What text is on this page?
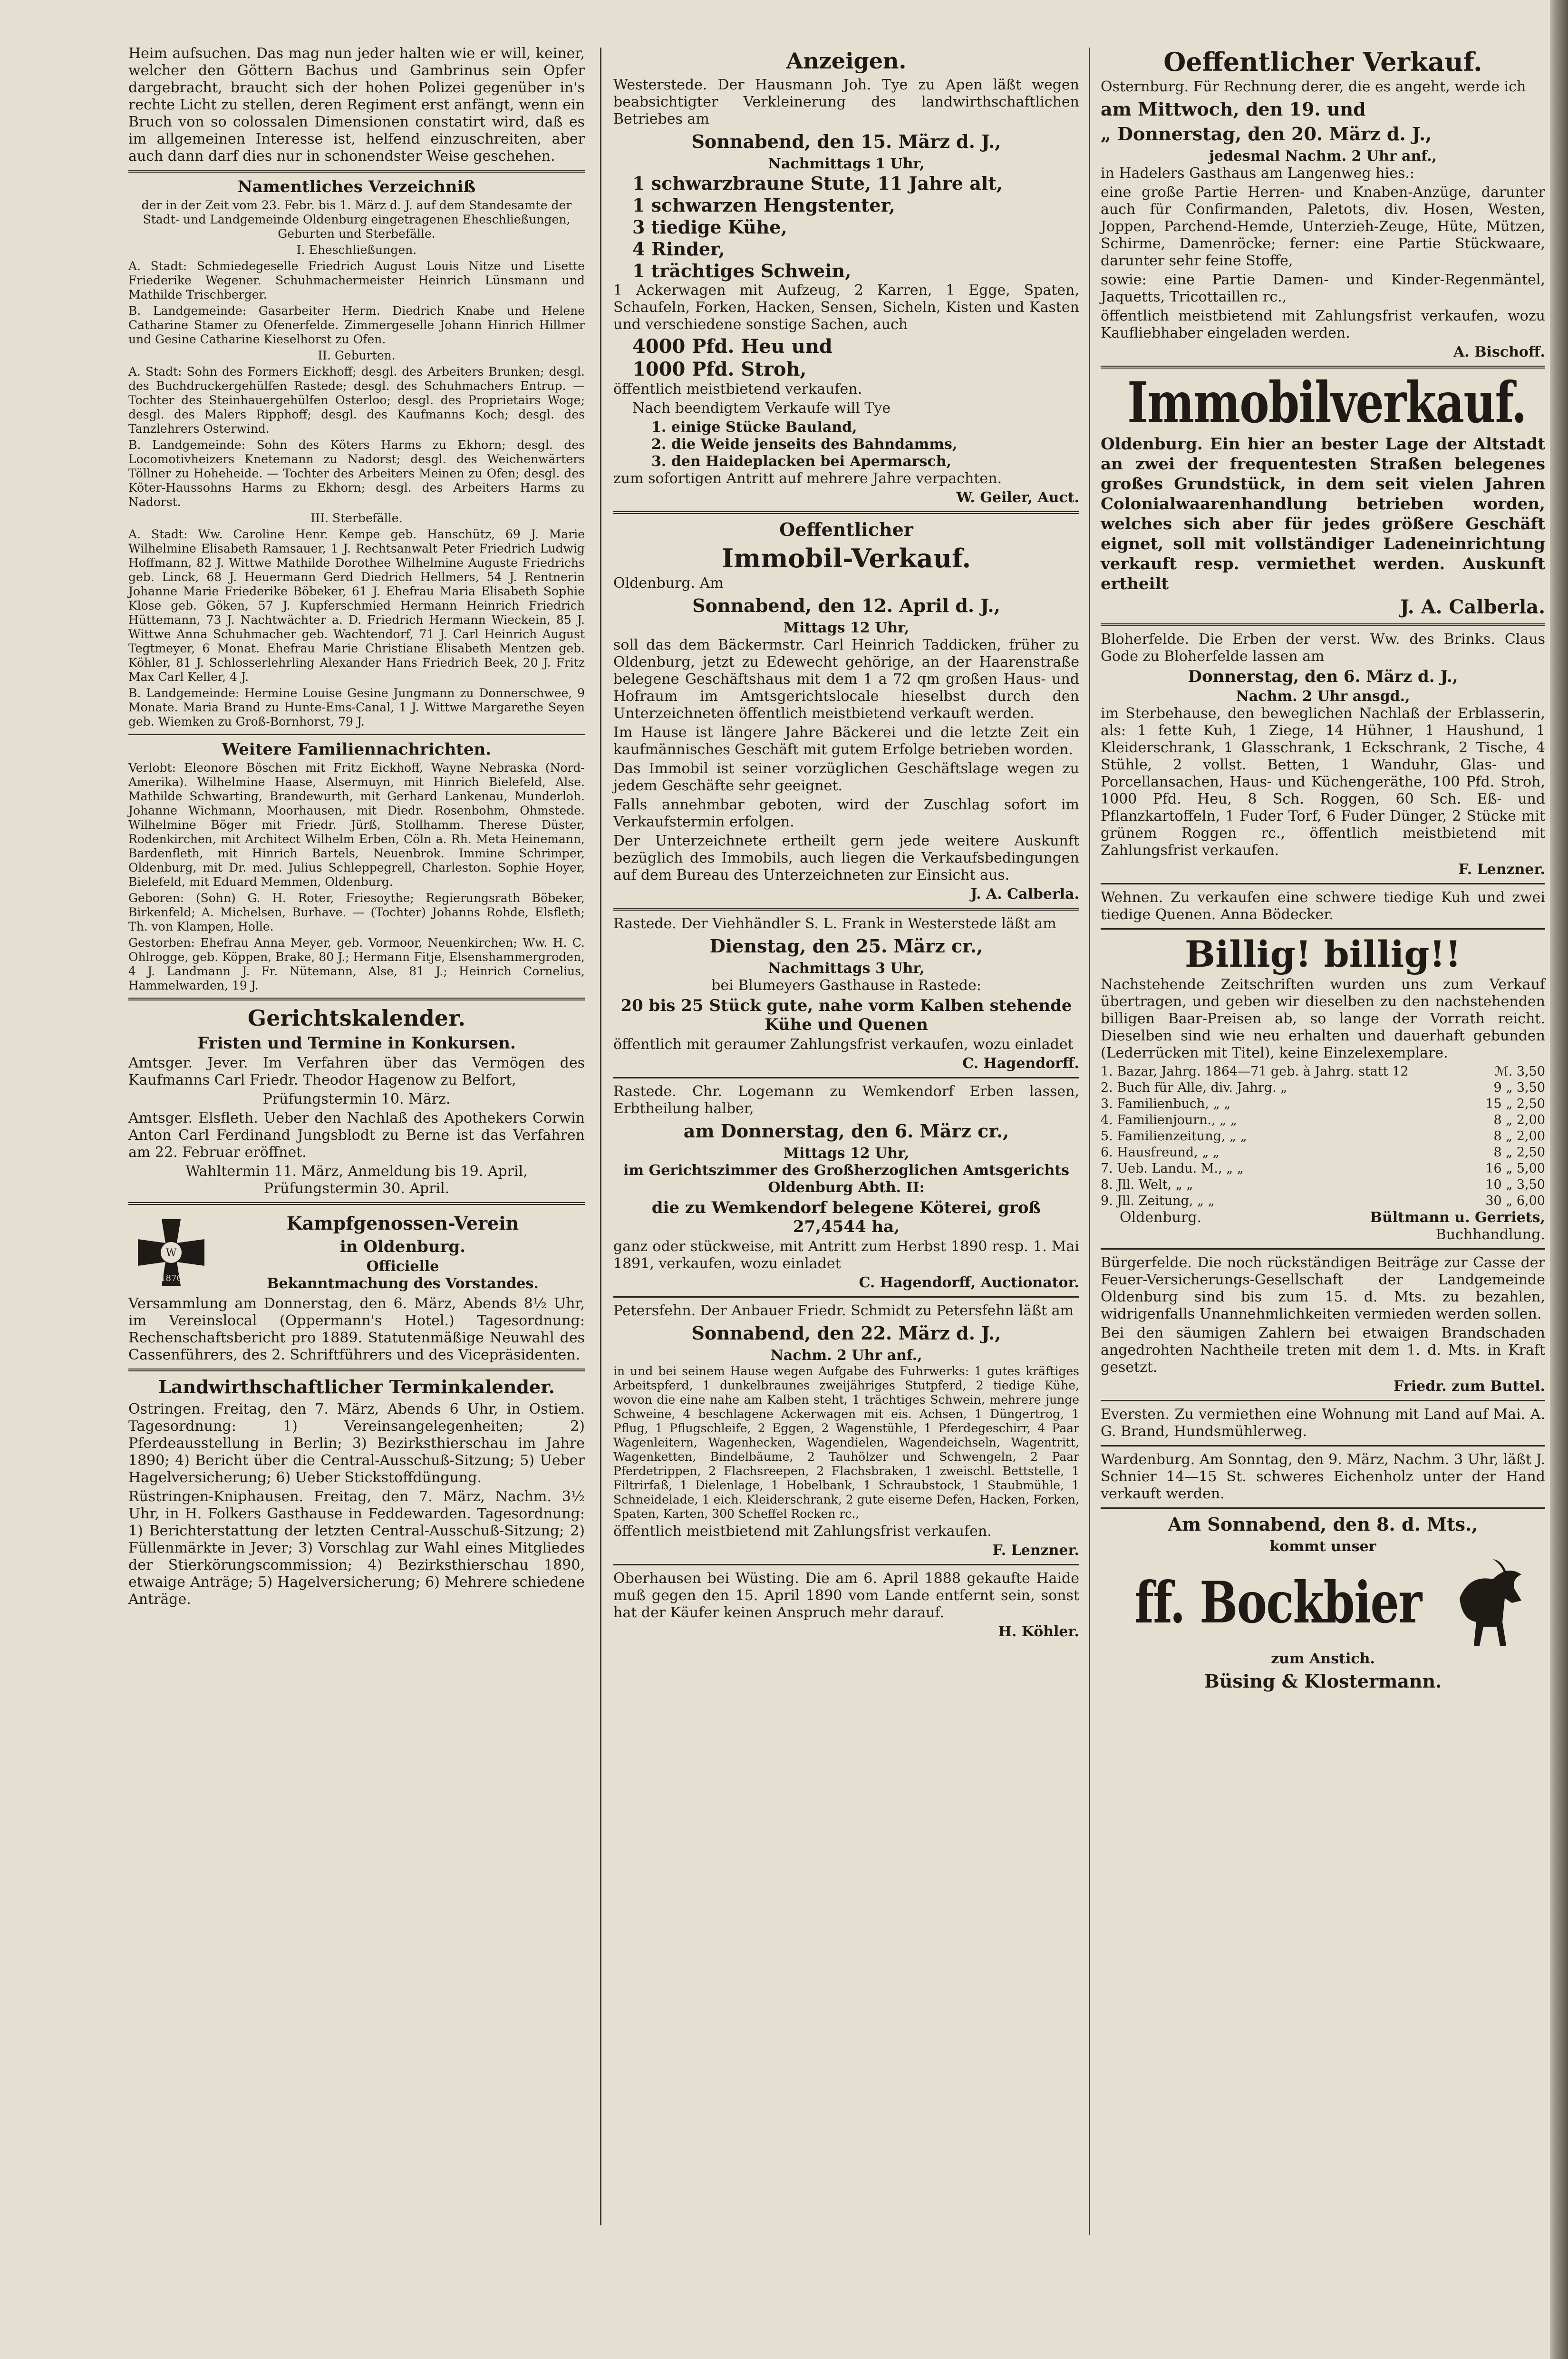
Heim aufsuchen. Das mag nun jeder halten wie er will, keiner, welcher den Göttern Bachus und Gambrinus sein Opfer dargebracht, braucht sich der hohen Polizei gegenüber in's rechte Licht zu stellen, deren Regiment erst anfängt, wenn ein Bruch von so colossalen Dimensionen constatirt wird, daß es im allgemeinen Interesse ist, helfend einzuschreiten, aber auch dann darf dies nur in schonendster Weise geschehen.

Namentliches Verzeichniß

der in der Zeit vom 23. Febr. bis 1. März d. J. auf dem Standesamte der Stadt- und Landgemeinde Oldenburg eingetragenen Eheschließungen, Geburten und Sterbefälle.

I. Eheschließungen.

A. Stadt: Schmiedegeselle Friedrich August Louis Nitze und Lisette Friederike Wegener. Schuhmachermeister Heinrich Lünsmann und Mathilde Trischberger.

B. Landgemeinde: Gasarbeiter Herm. Diedrich Knabe und Helene Catharine Stamer zu Ofenerfelde. Zimmergeselle Johann Hinrich Hillmer und Gesine Catharine Kieselhorst zu Ofen.

II. Geburten.

A. Stadt: Sohn des Formers Eickhoff; desgl. des Arbeiters Brunken; desgl. des Buchdruckergehülfen Rastede; desgl. des Schuhmachers Entrup. — Tochter des Steinhauergehülfen Osterloo; desgl. des Proprietairs Woge; desgl. des Malers Ripphoff; desgl. des Kaufmanns Koch; desgl. des Tanzlehrers Osterwind.

B. Landgemeinde: Sohn des Köters Harms zu Ekhorn; desgl. des Locomotivheizers Knetemann zu Nadorst; desgl. des Weichenwärters Töllner zu Hoheheide. — Tochter des Arbeiters Meinen zu Ofen; desgl. des Köter-Haussohns Harms zu Ekhorn; desgl. des Arbeiters Harms zu Nadorst.

III. Sterbefälle.

A. Stadt: Ww. Caroline Henr. Kempe geb. Hanschütz, 69 J. Marie Wilhelmine Elisabeth Ramsauer, 1 J. Rechtsanwalt Peter Friedrich Ludwig Hoffmann, 82 J. Wittwe Mathilde Dorothee Wilhelmine Auguste Friedrichs geb. Linck, 68 J. Heuermann Gerd Diedrich Hellmers, 54 J. Rentnerin Johanne Marie Friederike Böbeker, 61 J. Ehefrau Maria Elisabeth Sophie Klose geb. Göken, 57 J. Kupferschmied Hermann Heinrich Friedrich Hüttemann, 73 J. Nachtwächter a. D. Friedrich Hermann Wieckein, 85 J. Wittwe Anna Schuhmacher geb. Wachtendorf, 71 J. Carl Heinrich August Tegtmeyer, 6 Monat. Ehefrau Marie Christiane Elisabeth Mentzen geb. Köhler, 81 J. Schlosserlehrling Alexander Hans Friedrich Beek, 20 J. Fritz Max Carl Keller, 4 J.

B. Landgemeinde: Hermine Louise Gesine Jungmann zu Donnerschwee, 9 Monate. Maria Brand zu Hunte-Ems-Canal, 1 J. Wittwe Margarethe Seyen geb. Wiemken zu Groß-Bornhorst, 79 J.

Weitere Familiennachrichten.

Verlobt: Eleonore Böschen mit Fritz Eickhoff, Wayne Nebraska (Nord-Amerika). Wilhelmine Haase, Alsermuyn, mit Hinrich Bielefeld, Alse. Mathilde Schwarting, Brandewurth, mit Gerhard Lankenau, Munderloh. Johanne Wichmann, Moorhausen, mit Diedr. Rosenbohm, Ohmstede. Wilhelmine Böger mit Friedr. Jürß, Stollhamm. Therese Düster, Rodenkirchen, mit Architect Wilhelm Erben, Cöln a. Rh. Meta Heinemann, Bardenfleth, mit Hinrich Bartels, Neuenbrok. Immine Schrimper, Oldenburg, mit Dr. med. Julius Schleppegrell, Charleston. Sophie Hoyer, Bielefeld, mit Eduard Memmen, Oldenburg.

Geboren: (Sohn) G. H. Roter, Friesoythe; Regierungsrath Böbeker, Birkenfeld; A. Michelsen, Burhave. — (Tochter) Johanns Rohde, Elsfleth; Th. von Klampen, Holle.

Gestorben: Ehefrau Anna Meyer, geb. Vormoor, Neuenkirchen; Ww. H. C. Ohlrogge, geb. Köppen, Brake, 80 J.; Hermann Fitje, Elsenshammergroden, 4 J. Landmann J. Fr. Nütemann, Alse, 81 J.; Heinrich Cornelius, Hammelwarden, 19 J.

Gerichtskalender.
Fristen und Termine in Konkursen.

Amtsger. Jever. Im Verfahren über das Vermögen des Kaufmanns Carl Friedr. Theodor Hagenow zu Belfort,

Prüfungstermin 10. März.

Amtsger. Elsfleth. Ueber den Nachlaß des Apothekers Corwin Anton Carl Ferdinand Jungsblodt zu Berne ist das Verfahren am 22. Februar eröffnet.

Wahltermin 11. März, Anmeldung bis 19. April, Prüfungstermin 30. April.

W
1870
Kampfgenossen-Verein
in Oldenburg.
Officielle
Bekanntmachung des Vorstandes.

Versammlung am Donnerstag, den 6. März, Abends 8½ Uhr, im Vereinslocal (Oppermann's Hotel.) Tagesordnung: Rechenschaftsbericht pro 1889. Statutenmäßige Neuwahl des Cassenführers, des 2. Schriftführers und des Vicepräsidenten.

Landwirthschaftlicher Terminkalender.

Ostringen. Freitag, den 7. März, Abends 6 Uhr, in Ostiem. Tagesordnung: 1) Vereinsangelegenheiten; 2) Pferdeausstellung in Berlin; 3) Bezirksthierschau im Jahre 1890; 4) Bericht über die Central-Ausschuß-Sitzung; 5) Ueber Hagelversicherung; 6) Ueber Stickstoffdüngung.

Rüstringen-Kniphausen. Freitag, den 7. März, Nachm. 3½ Uhr, in H. Folkers Gasthause in Feddewarden. Tagesordnung: 1) Berichterstattung der letzten Central-Ausschuß-Sitzung; 2) Füllenmärkte in Jever; 3) Vorschlag zur Wahl eines Mitgliedes der Stierkörungscommission; 4) Bezirksthierschau 1890, etwaige Anträge; 5) Hagelversicherung; 6) Mehrere schiedene Anträge.

Anzeigen.

Westerstede. Der Hausmann Joh. Tye zu Apen läßt wegen beabsichtigter Verkleinerung des landwirthschaftlichen Betriebes am

Sonnabend, den 15. März d. J.,
Nachmittags 1 Uhr,
1 schwarzbraune Stute, 11 Jahre alt,
1 schwarzen Hengstenter,
3 tiedige Kühe,
4 Rinder,
1 trächtiges Schwein,

1 Ackerwagen mit Aufzeug, 2 Karren, 1 Egge, Spaten, Schaufeln, Forken, Hacken, Sensen, Sicheln, Kisten und Kasten und verschiedene sonstige Sachen, auch

4000 Pfd. Heu und
1000 Pfd. Stroh,

öffentlich meistbietend verkaufen.

Nach beendigtem Verkaufe will Tye

1. einige Stücke Bauland,
2. die Weide jenseits des Bahndamms,
3. den Haideplacken bei Apermarsch,

zum sofortigen Antritt auf mehrere Jahre verpachten.

W. Geiler, Auct.
Oeffentlicher
Immobil-Verkauf.

Oldenburg. Am

Sonnabend, den 12. April d. J.,
Mittags 12 Uhr,

soll das dem Bäckermstr. Carl Heinrich Taddicken, früher zu Oldenburg, jetzt zu Edewecht gehörige, an der Haarenstraße belegene Geschäftshaus mit dem 1 a 72 qm großen Haus- und Hofraum im Amtsgerichtslocale hieselbst durch den Unterzeichneten öffentlich meistbietend verkauft werden.

Im Hause ist längere Jahre Bäckerei und die letzte Zeit ein kaufmännisches Geschäft mit gutem Erfolge betrieben worden.

Das Immobil ist seiner vorzüglichen Geschäftslage wegen zu jedem Geschäfte sehr geeignet.

Falls annehmbar geboten, wird der Zuschlag sofort im Verkaufstermin erfolgen.

Der Unterzeichnete ertheilt gern jede weitere Auskunft bezüglich des Immobils, auch liegen die Verkaufsbedingungen auf dem Bureau des Unterzeichneten zur Einsicht aus.

J. A. Calberla.

Rastede. Der Viehhändler S. L. Frank in Westerstede läßt am

Dienstag, den 25. März cr.,
Nachmittags 3 Uhr,

bei Blumeyers Gasthause in Rastede:

20 bis 25 Stück gute, nahe vorm Kalben stehende Kühe und Quenen

öffentlich mit geraumer Zahlungsfrist verkaufen, wozu einladet

C. Hagendorff.

Rastede. Chr. Logemann zu Wemkendorf Erben lassen, Erbtheilung halber,

am Donnerstag, den 6. März cr.,
Mittags 12 Uhr,

im Gerichtszimmer des Großherzoglichen Amtsgerichts Oldenburg Abth. II:

die zu Wemkendorf belegene Köterei, groß 27,4544 ha,

ganz oder stückweise, mit Antritt zum Herbst 1890 resp. 1. Mai 1891, verkaufen, wozu einladet

C. Hagendorff, Auctionator.

Petersfehn. Der Anbauer Friedr. Schmidt zu Petersfehn läßt am

Sonnabend, den 22. März d. J.,
Nachm. 2 Uhr anf.,

in und bei seinem Hause wegen Aufgabe des Fuhrwerks: 1 gutes kräftiges Arbeitspferd, 1 dunkelbraunes zweijähriges Stutpferd, 2 tiedige Kühe, wovon die eine nahe am Kalben steht, 1 trächtiges Schwein, mehrere junge Schweine, 4 beschlagene Ackerwagen mit eis. Achsen, 1 Düngertrog, 1 Pflug, 1 Pflugschleife, 2 Eggen, 2 Wagenstühle, 1 Pferdegeschirr, 4 Paar Wagenleitern, Wagenhecken, Wagendielen, Wagendeichseln, Wagentritt, Wagenketten, Bindelbäume, 2 Tauhölzer und Schwengeln, 2 Paar Pferdetrippen, 2 Flachsreepen, 2 Flachsbraken, 1 zweischl. Bettstelle, 1 Filtrirfaß, 1 Dielenlage, 1 Hobelbank, 1 Schraubstock, 1 Staubmühle, 1 Schneidelade, 1 eich. Kleiderschrank, 2 gute eiserne Defen, Hacken, Forken, Spaten, Karten, 300 Scheffel Rocken rc.,

öffentlich meistbietend mit Zahlungsfrist verkaufen.

F. Lenzner.

Oberhausen bei Wüsting. Die am 6. April 1888 gekaufte Haide muß gegen den 15. April 1890 vom Lande entfernt sein, sonst hat der Käufer keinen Anspruch mehr darauf.

H. Köhler.
Oeffentlicher Verkauf.

Osternburg. Für Rechnung derer, die es angeht, werde ich

am Mittwoch, den 19. und
„ Donnerstag, den 20. März d. J.,
jedesmal Nachm. 2 Uhr anf.,

in Hadelers Gasthaus am Langenweg hies.:

eine große Partie Herren- und Knaben-Anzüge, darunter auch für Confirmanden, Paletots, div. Hosen, Westen, Joppen, Parchend-Hemde, Unterzieh-Zeuge, Hüte, Mützen, Schirme, Damenröcke; ferner: eine Partie Stückwaare, darunter sehr feine Stoffe,

sowie: eine Partie Damen- und Kinder-Regenmäntel, Jaquetts, Tricottaillen rc.,

öffentlich meistbietend mit Zahlungsfrist verkaufen, wozu Kaufliebhaber eingeladen werden.

A. Bischoff.
Immobilverkauf.

Oldenburg. Ein hier an bester Lage der Altstadt an zwei der frequentesten Straßen belegenes großes Grundstück, in dem seit vielen Jahren Colonialwaarenhandlung betrieben worden, welches sich aber für jedes größere Geschäft eignet, soll mit vollständiger Ladeneinrichtung verkauft resp. vermiethet werden. Auskunft ertheilt

J. A. Calberla.

Bloherfelde. Die Erben der verst. Ww. des Brinks. Claus Gode zu Bloherfelde lassen am

Donnerstag, den 6. März d. J.,
Nachm. 2 Uhr ansgd.,

im Sterbehause, den beweglichen Nachlaß der Erblasserin, als: 1 fette Kuh, 1 Ziege, 14 Hühner, 1 Haushund, 1 Kleiderschrank, 1 Glasschrank, 1 Eckschrank, 2 Tische, 4 Stühle, 2 vollst. Betten, 1 Wanduhr, Glas- und Porcellansachen, Haus- und Küchengeräthe, 100 Pfd. Stroh, 1000 Pfd. Heu, 8 Sch. Roggen, 60 Sch. Eß- und Pflanzkartoffeln, 1 Fuder Torf, 6 Fuder Dünger, 2 Stücke mit grünem Roggen rc., öffentlich meistbietend mit Zahlungsfrist verkaufen.

F. Lenzner.

Wehnen. Zu verkaufen eine schwere tiedige Kuh und zwei tiedige Quenen. Anna Bödecker.

Billig! billig!!

Nachstehende Zeitschriften wurden uns zum Verkauf übertragen, und geben wir dieselben zu den nachstehenden billigen Baar-Preisen ab, so lange der Vorrath reicht. Dieselben sind wie neu erhalten und dauerhaft gebunden (Lederrücken mit Titel), keine Einzelexemplare.

1. Bazar, Jahrg. 1864—71 geb. à Jahrg. statt 12	ℳ. 3,50
2. Buch für Alle, div. Jahrg. „	9 „ 3,50
3. Familienbuch, „ „	15 „ 2,50
4. Familienjourn., „ „	8 „ 2,00
5. Familienzeitung, „ „	8 „ 2,00
6. Hausfreund, „ „	8 „ 2,50
7. Ueb. Landu. M., „ „	16 „ 5,00
8. Jll. Welt, „ „	10 „ 3,50
9. Jll. Zeitung, „ „	30 „ 6,00
Oldenburg.	Bültmann u. Gerriets,
Buchhandlung.

Bürgerfelde. Die noch rückständigen Beiträge zur Casse der Feuer-Versicherungs-Gesellschaft der Landgemeinde Oldenburg sind bis zum 15. d. Mts. zu bezahlen, widrigenfalls Unannehmlichkeiten vermieden werden sollen.

Bei den säumigen Zahlern bei etwaigen Brandschaden angedrohten Nachtheile treten mit dem 1. d. Mts. in Kraft gesetzt.

Friedr. zum Buttel.

Eversten. Zu vermiethen eine Wohnung mit Land auf Mai. A. G. Brand, Hundsmühlerweg.

Wardenburg. Am Sonntag, den 9. März, Nachm. 3 Uhr, läßt J. Schnier 14—15 St. schweres Eichenholz unter der Hand verkauft werden.

Am Sonnabend, den 8. d. Mts.,
kommt unser
ff. Bockbier
zum Anstich.
Büsing & Klostermann.
